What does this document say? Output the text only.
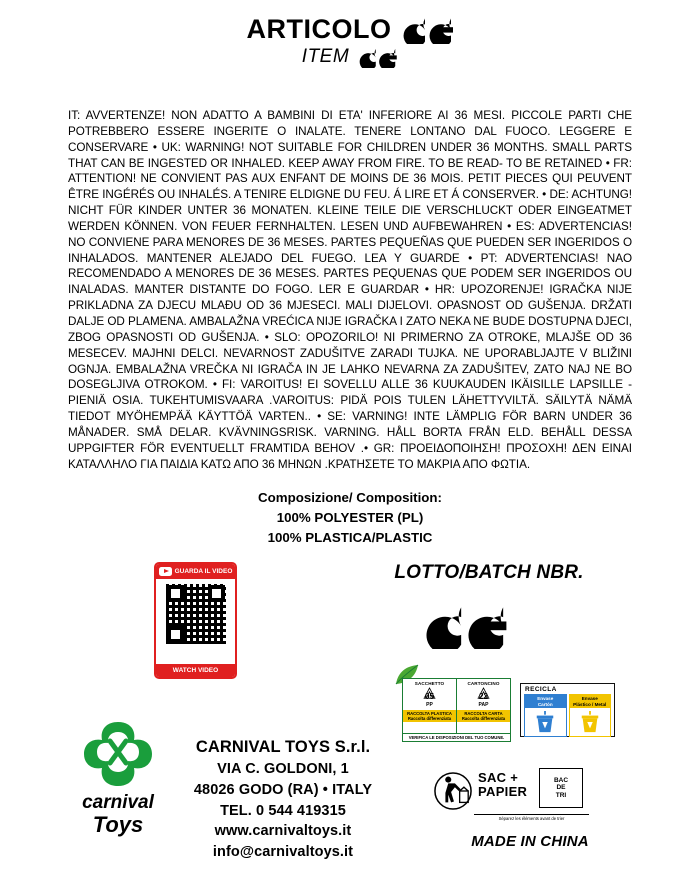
ARTICOLO
ITEM
IT: AVVERTENZE! NON ADATTO A BAMBINI DI ETA' INFERIORE AI 36 MESI. PICCOLE PARTI CHE POTREBBERO ESSERE INGERITE O INALATE. TENERE LONTANO DAL FUOCO. LEGGERE E CONSERVARE • UK: WARNING! NOT SUITABLE FOR CHILDREN UNDER 36 MONTHS. SMALL PARTS THAT CAN BE INGESTED OR INHALED. KEEP AWAY FROM FIRE. TO BE READ- TO BE RETAINED • FR: ATTENTION! NE CONVIENT PAS AUX ENFANT DE MOINS DE 36 MOIS. PETIT PIECES QUI PEUVENT ÊTRE INGÉRÉS OU INHALÉS. A TENIRE ELDIGNE DU FEU. Á LIRE ET Á CONSERVER. • DE: ACHTUNG! NICHT FÜR KINDER UNTER 36 MONATEN. KLEINE TEILE DIE VERSCHLUCKT ODER EINGEATMET WERDEN KÖNNEN. VON FEUER FERNHALTEN. LESEN UND AUFBEWAHREN • ES: ADVERTENCIAS! NO CONVIENE PARA MENORES DE 36 MESES. PARTES PEQUEÑAS QUE PUEDEN SER INGERIDOS O INHALADOS. MANTENER ALEJADO DEL FUEGO. LEA Y GUARDE • PT: ADVERTENCIAS! NAO RECOMENDADO A MENORES DE 36 MESES. PARTES PEQUENAS QUE PODEM SER INGERIDOS OU INALADAS. MANTER DISTANTE DO FOGO. LER E GUARDAR • HR: UPOZORENJE! IGRAČKA NIJE PRIKLADNA ZA DJECU MLAĐU OD 36 MJESECI. MALI DIJELOVI. OPASNOST OD GUŠENJA. DRŽATI DALJE OD PLAMENA. AMBALAŽNA VREĆICA NIJE IGRAČKA I ZATO NEKA NE BUDE DOSTUPNA DJECI, ZBOG OPASNOSTI OD GUŠENJA. • SLO: OPOZORILO! NI PRIMERNO ZA OTROKE, MLAJŠE OD 36 MESECEV. MAJHNI DELCI. NEVARNOST ZADUŠITVE ZARADI TUJKA. NE UPORABLJAJTE V BLIŽINI OGNJA. EMBALAŽNA VREČKA NI IGRAČA IN JE LAHKO NEVARNA ZA ZADUŠITEV, ZATO NAJ NE BO DOSEGLJIVA OTROKOM. • FI: VAROITUS! EI SOVELLU ALLE 36 KUUKAUDEN IKÄISILLE LAPSILLE - PIENIÄ OSIA. TUKEHTUMISVAARA .VAROITUS: PIDÄ POIS TULEN LÄHETTYVILTÄ. SÄILYTÄ NÄMÄ TIEDOT MYÖHEMPÄÄ KÄYTTÖÄ VARTEN.. • SE: VARNING! INTE LÄMPLIG FÖR BARN UNDER 36 MÅNADER. SMÅ DELAR. KVÄVNINGSRISK. VARNING. HÅLL BORTA FRÅN ELD. BEHÅLL DESSA UPPGIFTER FÖR EVENTUELLT FRAMTIDA BEHOV .• GR: ΠΡΟΕΙΔΟΠΟΙΗΣΗ! ΠΡΟΣΟΧΗ! ΔΕΝ ΕΙΝΑΙ ΚΑΤΑΛΛΗΛΟ ΓΙΑ ΠΑΙΔΙΑ ΚΑΤΩ ΑΠΟ 36 ΜΗΝΩΝ .ΚΡΑΤΗΣΕΤΕ ΤΟ ΜΑΚΡΙΑ ΑΠΟ ΦΩΤΙΑ.
Composizione/ Composition:
100% POLYESTER (PL)
100% PLASTICA/PLASTIC
GUARDA IL VIDEO
WATCH VIDEO
LOTTO/BATCH NBR.
SACCHETTO
05
PP
RACCOLTA PLASTICA
Raccolta differenziata
CARTONCINO
22
PAP
RACCOLTA CARTA
Raccolta differenziata
VERIFICA LE DISPOSIZIONI DEL TUO COMUNE.
RECICLA
Envase
Cartón
Envase
Plástico / Metal
SAC +
PAPIER
BAC
DE
TRI
Séparez les éléments avant de trier
carnival
Toys
CARNIVAL TOYS S.r.l.
VIA C. GOLDONI, 1
48026 GODO (RA) • ITALY
TEL. 0 544 419315
www.carnivaltoys.it
info@carnivaltoys.it
MADE IN CHINA
